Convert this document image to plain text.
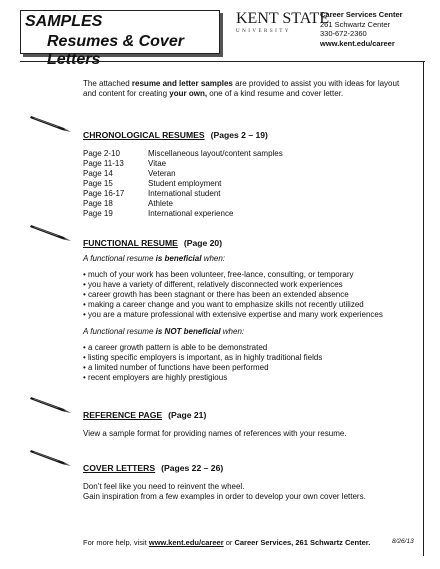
SAMPLES
Resumes & Cover Letters
KENT STATE
UNIVERSITY
Career Services Center
261 Schwartz Center
330-672-2360
www.kent.edu/career
The attached resume and letter samples are provided to assist you with ideas for layout
and content for creating your own, one of a kind resume and cover letter.
CHRONOLOGICAL RESUMES (Pages 2 – 19)
Page 2-10	Miscellaneous layout/content samples
Page 11-13	Vitae
Page 14	Veteran
Page 15	Student employment
Page 16-17	International student
Page 18	Athlete
Page 19	International experience
FUNCTIONAL RESUME (Page 20)
A functional resume is beneficial when:
• much of your work has been volunteer, free-lance, consulting, or temporary
• you have a variety of different, relatively disconnected work experiences
• career growth has been stagnant or there has been an extended absence
• making a career change and you want to emphasize skills not recently utilized
• you are a mature professional with extensive expertise and many work experiences
A functional resume is NOT beneficial when:
• a career growth pattern is able to be demonstrated
• listing specific employers is important, as in highly traditional fields
• a limited number of functions have been performed
• recent employers are highly prestigious
REFERENCE PAGE (Page 21)
View a sample format for providing names of references with your resume.
COVER LETTERS (Pages 22 – 26)
Don’t feel like you need to reinvent the wheel.
Gain inspiration from a few examples in order to develop your own cover letters.
For more help, visit www.kent.edu/career or Career Services, 261 Schwartz Center.	8/26/13
